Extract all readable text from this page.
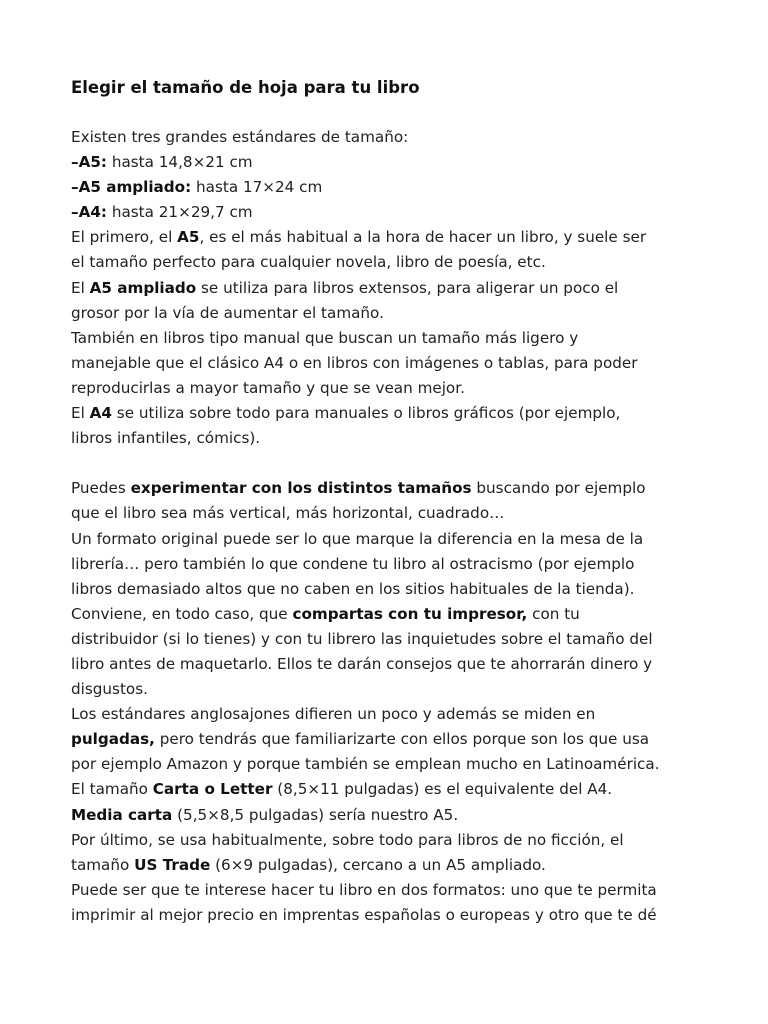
Elegir el tamaño de hoja para tu libro
Existen tres grandes estándares de tamaño:
–A5: hasta 14,8×21 cm
–A5 ampliado: hasta 17×24 cm
–A4: hasta 21×29,7 cm
El primero, el A5, es el más habitual a la hora de hacer un libro, y suele ser
el tamaño perfecto para cualquier novela, libro de poesía, etc.
El A5 ampliado se utiliza para libros extensos, para aligerar un poco el
grosor por la vía de aumentar el tamaño.
También en libros tipo manual que buscan un tamaño más ligero y
manejable que el clásico A4 o en libros con imágenes o tablas, para poder
reproducirlas a mayor tamaño y que se vean mejor.
El A4 se utiliza sobre todo para manuales o libros gráficos (por ejemplo,
libros infantiles, cómics).
Puedes experimentar con los distintos tamaños buscando por ejemplo
que el libro sea más vertical, más horizontal, cuadrado…
Un formato original puede ser lo que marque la diferencia en la mesa de la
librería… pero también lo que condene tu libro al ostracismo (por ejemplo
libros demasiado altos que no caben en los sitios habituales de la tienda).
Conviene, en todo caso, que compartas con tu impresor, con tu
distribuidor (si lo tienes) y con tu librero las inquietudes sobre el tamaño del
libro antes de maquetarlo. Ellos te darán consejos que te ahorrarán dinero y
disgustos.
Los estándares anglosajones difieren un poco y además se miden en
pulgadas, pero tendrás que familiarizarte con ellos porque son los que usa
por ejemplo Amazon y porque también se emplean mucho en Latinoamérica.
El tamaño Carta o Letter (8,5×11 pulgadas) es el equivalente del A4.
Media carta (5,5×8,5 pulgadas) sería nuestro A5.
Por último, se usa habitualmente, sobre todo para libros de no ficción, el
tamaño US Trade (6×9 pulgadas), cercano a un A5 ampliado.
Puede ser que te interese hacer tu libro en dos formatos: uno que te permita
imprimir al mejor precio en imprentas españolas o europeas y otro que te dé
